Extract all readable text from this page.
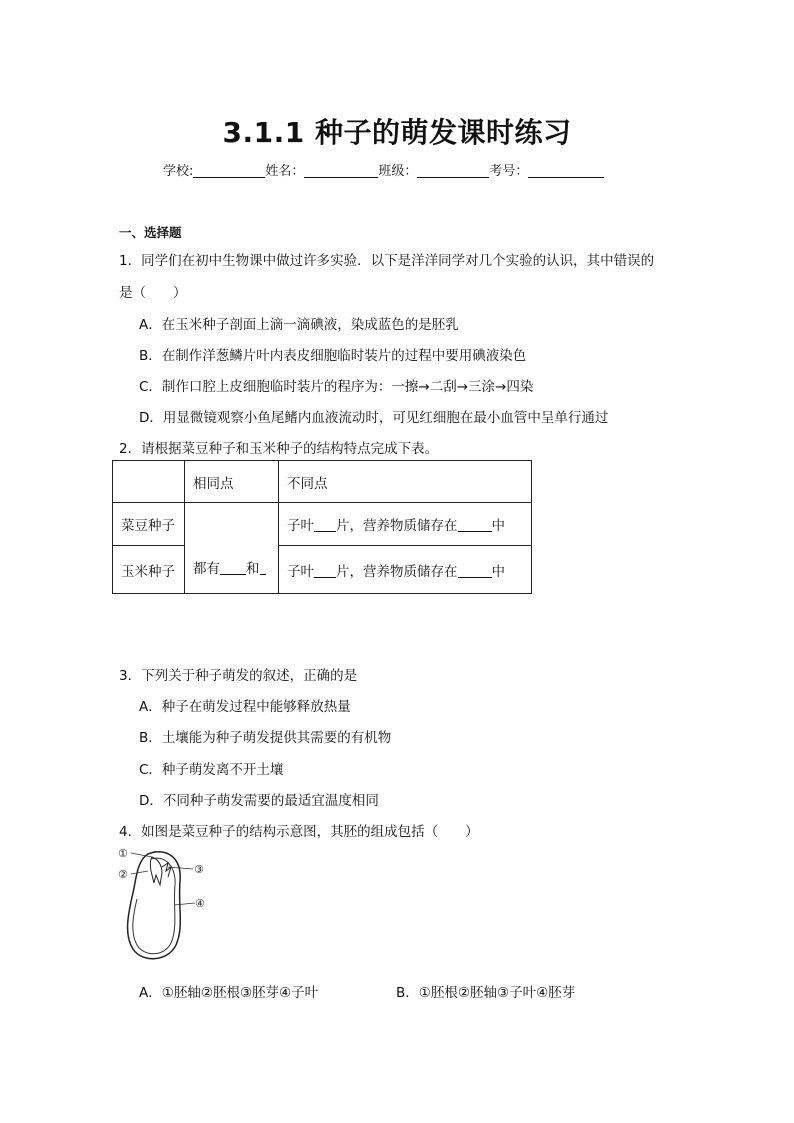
3.1.1 种子的萌发课时练习
学校:	姓名：	班级：	考号：
一、选择题
1．同学们在初中生物课中做过许多实验．以下是洋洋同学对几个实验的认识，其中错误的
是（　　）
A．在玉米种子剖面上滴一滴碘液，染成蓝色的是胚乳
B．在制作洋葱鳞片叶内表皮细胞临时装片的过程中要用碘液染色
C．制作口腔上皮细胞临时装片的程序为：一擦→二刮→三涂→四染
D．用显微镜观察小鱼尾鳍内血液流动时，可见红细胞在最小血管中呈单行通过
2．请根据菜豆种子和玉米种子的结构特点完成下表。
	相同点	不同点
菜豆种子	都有 和	子叶 片，营养物质储存在 中
玉米种子		子叶 片，营养物质储存在 中
3．下列关于种子萌发的叙述，正确的是
A．种子在萌发过程中能够释放热量
B．土壤能为种子萌发提供其需要的有机物
C．种子萌发离不开土壤
D．不同种子萌发需要的最适宜温度相同
4．如图是菜豆种子的结构示意图，其胚的组成包括（　　）
①
②	③
④
A．①胚轴②胚根③胚芽④子叶	B．①胚根②胚轴③子叶④胚芽
